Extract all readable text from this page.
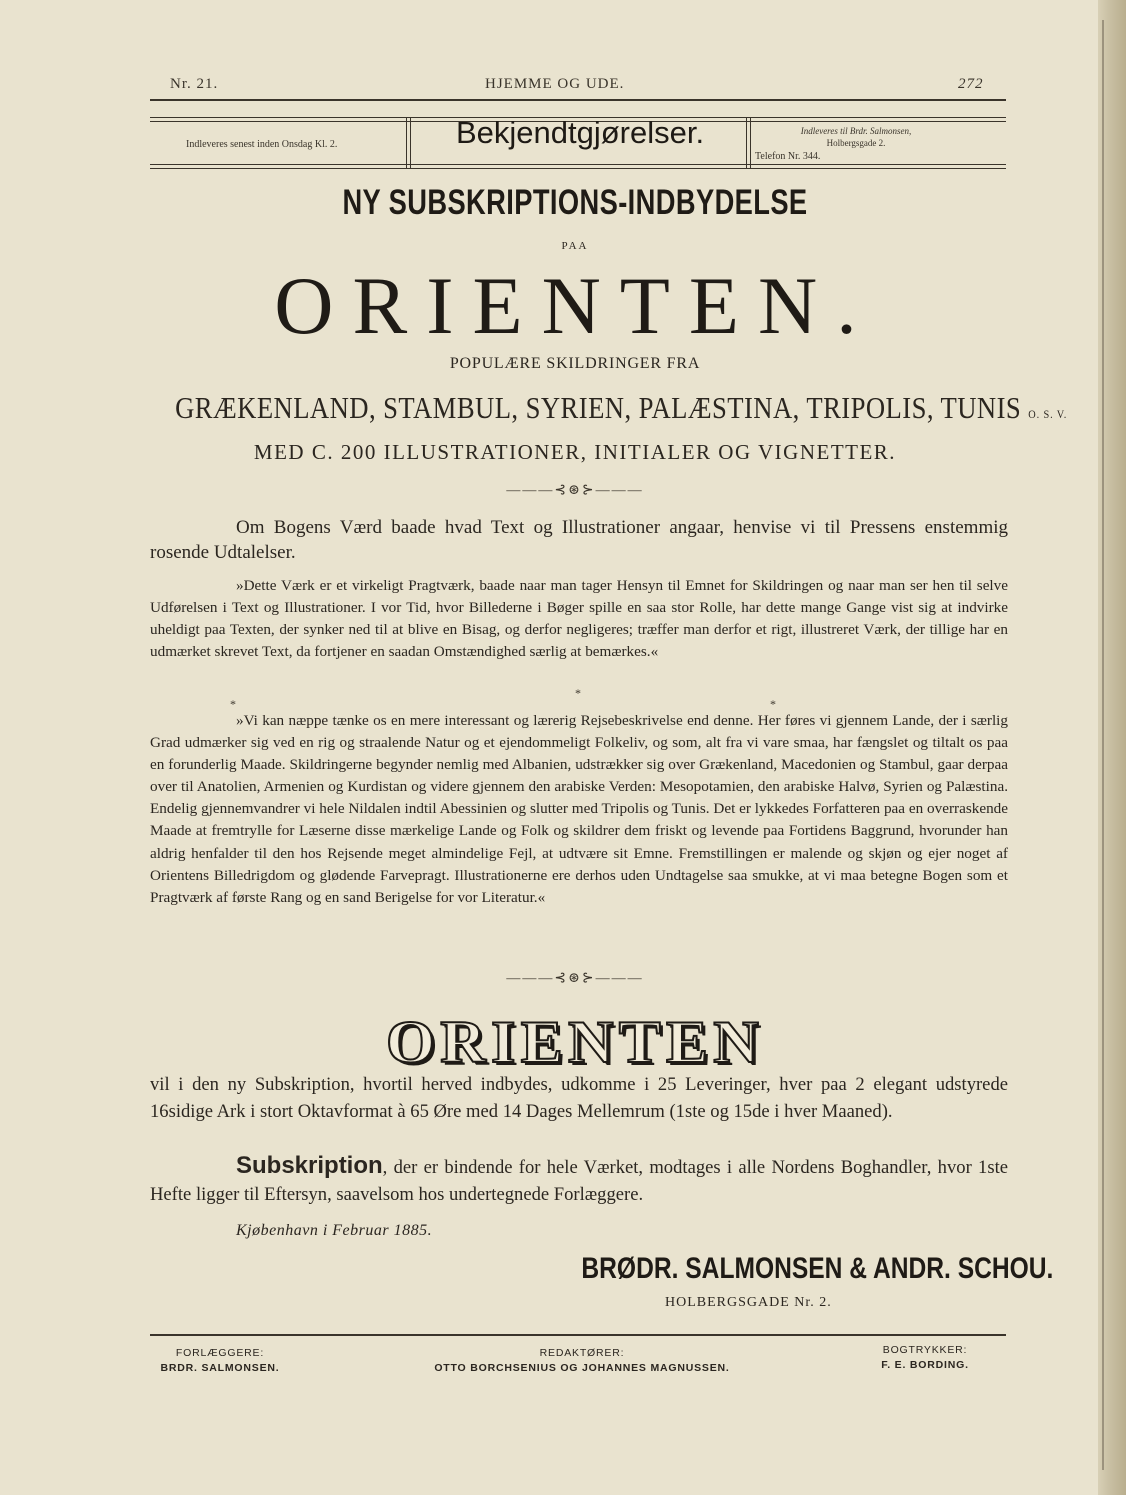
Nr. 21.	HJEMME OG UDE.	272
Indleveres senest inden Onsdag Kl. 2.	Bekjendtgjørelser.	Indleveres til Brdr. Salmonsen,
Holbergsgade 2.
Telefon Nr. 344.
NY SUBSKRIPTIONS-INDBYDELSE
PAA
ORIENTEN.
POPULÆRE SKILDRINGER FRA
GRÆKENLAND, STAMBUL, SYRIEN, PALÆSTINA, TRIPOLIS, TUNIS O. S. V.
MED C. 200 ILLUSTRATIONER, INITIALER OG VIGNETTER.
———⊰⊛⊱———

Om Bogens Værd baade hvad Text og Illustrationer angaar, henvise vi til Pressens enstemmig rosende Udtalelser.

»Dette Værk er et virkeligt Pragtværk, baade naar man tager Hensyn til Emnet for Skildringen og naar man ser hen til selve Udførelsen i Text og Illustrationer. I vor Tid, hvor Billederne i Bøger spille en saa stor Rolle, har dette mange Gange vist sig at indvirke uheldigt paa Texten, der synker ned til at blive en Bisag, og derfor negligeres; træffer man derfor et rigt, illustreret Værk, der tillige har en udmærket skrevet Text, da fortjener en saadan Omstændighed særlig at bemærkes.«

*
*
*

»Vi kan næppe tænke os en mere interessant og lærerig Rejsebeskrivelse end denne. Her føres vi gjennem Lande, der i særlig Grad udmærker sig ved en rig og straalende Natur og et ejendommeligt Folkeliv, og som, alt fra vi vare smaa, har fængslet og tiltalt os paa en forunderlig Maade. Skildringerne begynder nemlig med Albanien, udstrækker sig over Grækenland, Macedonien og Stambul, gaar derpaa over til Anatolien, Armenien og Kurdistan og videre gjennem den arabiske Verden: Mesopotamien, den arabiske Halvø, Syrien og Palæstina. Endelig gjennemvandrer vi hele Nildalen indtil Abessinien og slutter med Tripolis og Tunis. Det er lykkedes Forfatteren paa en overraskende Maade at fremtrylle for Læserne disse mærkelige Lande og Folk og skildrer dem friskt og levende paa Fortidens Baggrund, hvorunder han aldrig henfalder til den hos Rejsende meget almindelige Fejl, at udtvære sit Emne. Fremstillingen er malende og skjøn og ejer noget af Orientens Billedrigdom og glødende Farvepragt. Illustrationerne ere derhos uden Undtagelse saa smukke, at vi maa betegne Bogen som et Pragtværk af første Rang og en sand Berigelse for vor Literatur.«

———⊰⊛⊱———
ORIENTEN

vil i den ny Subskription, hvortil herved indbydes, udkomme i 25 Leveringer, hver paa 2 elegant udstyrede 16sidige Ark i stort Oktavformat à 65 Øre med 14 Dages Mellemrum (1ste og 15de i hver Maaned).

Subskription, der er bindende for hele Værket, modtages i alle Nordens Boghandler, hvor 1ste Hefte ligger til Eftersyn, saavelsom hos undertegnede Forlæggere.

Kjøbenhavn i Februar 1885.
BRØDR. SALMONSEN & ANDR. SCHOU.
HOLBERGSGADE Nr. 2.
FORLÆGGERE:
BRDR. SALMONSEN.
REDAKTØRER:
OTTO BORCHSENIUS OG JOHANNES MAGNUSSEN.
BOGTRYKKER:
F. E. BORDING.
